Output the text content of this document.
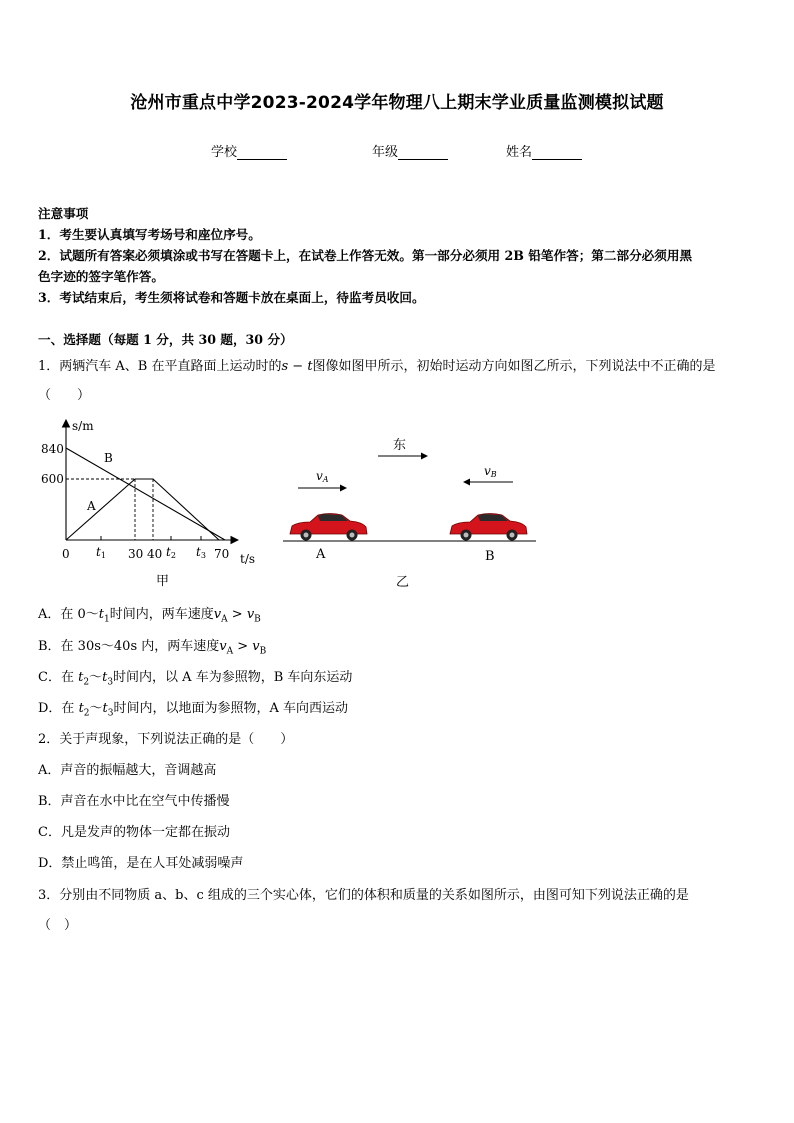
沧州市重点中学2023-2024学年物理八上期末学业质量监测模拟试题
学校	年级	姓名
注意事项
1．考生要认真填写考场号和座位序号。
2．试题所有答案必须填涂或书写在答题卡上，在试卷上作答无效。第一部分必须用 2B 铅笔作答；第二部分必须用黑
色字迹的签字笔作答。
3．考试结束后，考生须将试卷和答题卡放在桌面上，待监考员收回。
一、选择题（每题 1 分，共 30 题，30 分）
1．两辆汽车 A、B 在平直路面上运动时的s − t图像如图甲所示，初始时运动方向如图乙所示，下列说法中不正确的是
（　　）
s/m
t/s
840
600
B
A
0 t1 30 40 t2 t3 70
甲
东
vA
vB
A	B
乙
A．在 $0\sim t_1$时间内，两车速度$v_A > v_B$
B．在 30s～40s 内，两车速度$v_A > v_B$
C．在 $t_2\sim t_3$时间内，以 A 车为参照物，B 车向东运动
D．在 $t_2\sim t_3$时间内，以地面为参照物，A 车向西运动
2．关于声现象，下列说法正确的是（　　）
A．声音的振幅越大，音调越高
B．声音在水中比在空气中传播慢
C．凡是发声的物体一定都在振动
D．禁止鸣笛，是在人耳处减弱噪声
3．分别由不同物质 a、b、c 组成的三个实心体，它们的体积和质量的关系如图所示，由图可知下列说法正确的是
（　）
